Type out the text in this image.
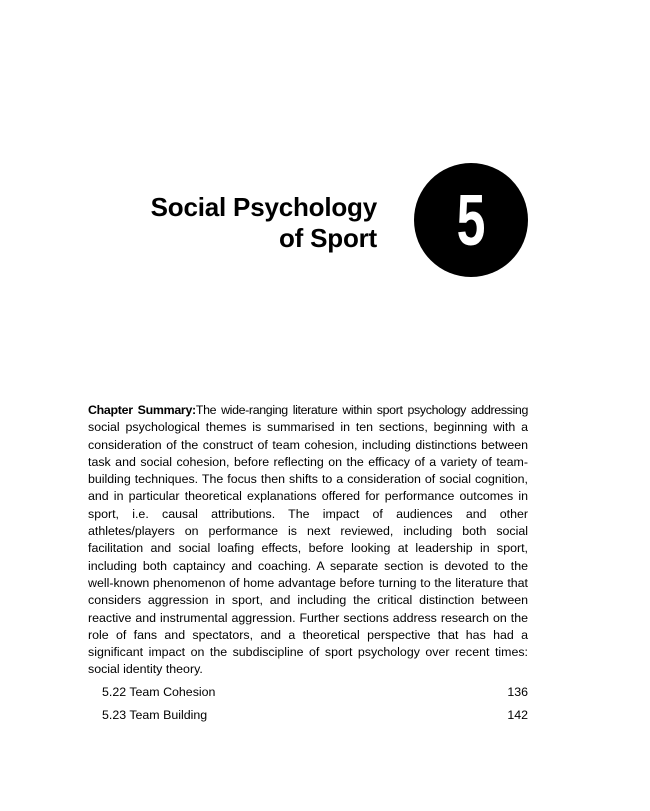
Social Psychology
of Sport 5
Chapter Summary:The wide-ranging literature within sport psychology addressing social psychological themes is summarised in ten sections, beginning with a consideration of the construct of team cohesion, including distinctions between task and social cohesion, before reflecting on the efficacy of a variety of team-building techniques. The focus then shifts to a consideration of social cognition, and in particular theoretical explanations offered for performance outcomes in sport, i.e. causal attributions. The impact of audiences and other athletes/players on performance is next reviewed, including both social facilitation and social loafing effects, before looking at leadership in sport, including both captaincy and coaching. A separate section is devoted to the well-known phenomenon of home advantage before turning to the literature that considers aggression in sport, and including the critical distinction between reactive and instrumental aggression. Further sections address research on the role of fans and spectators, and a theoretical perspective that has had a significant impact on the subdiscipline of sport psychology over recent times: social identity theory.
5.22 Team Cohesion	136
5.23 Team Building	142
